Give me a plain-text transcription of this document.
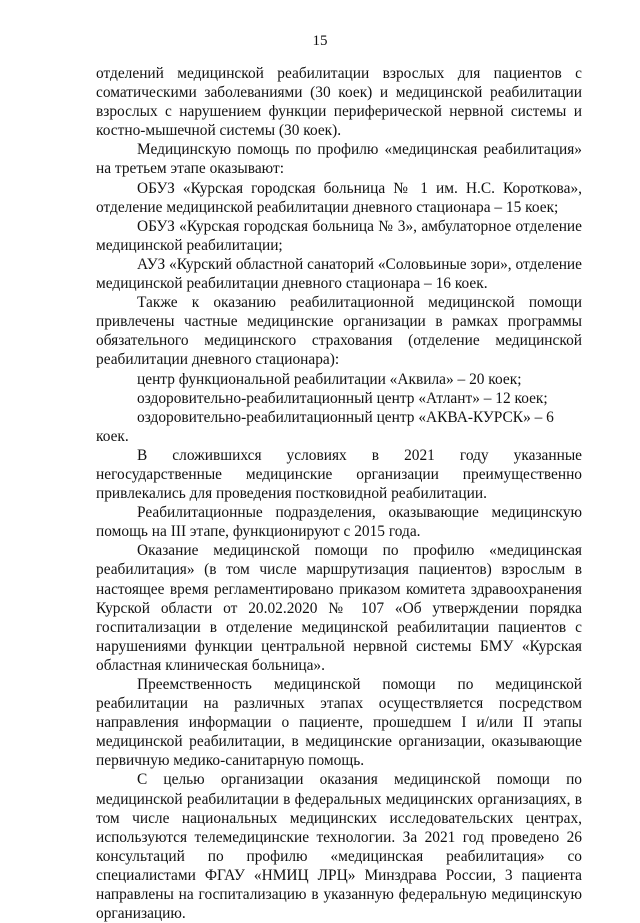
15

отделений медицинской реабилитации взрослых для пациентов с соматическими заболеваниями (30 коек) и медицинской реабилитации взрослых с нарушением функции периферической нервной системы и костно-мышечной системы (30 коек).

Медицинскую помощь по профилю «медицинская реабилитация» на третьем этапе оказывают:

ОБУЗ «Курская городская больница № 1 им. Н.С. Короткова», отделение медицинской реабилитации дневного стационара – 15 коек;

ОБУЗ «Курская городская больница № 3», амбулаторное отделение медицинской реабилитации;

АУЗ «Курский областной санаторий «Соловьиные зори», отделение медицинской реабилитации дневного стационара – 16 коек.

Также к оказанию реабилитационной медицинской помощи привлечены частные медицинские организации в рамках программы обязательного медицинского страхования (отделение медицинской реабилитации дневного стационара):

центр функциональной реабилитации «Аквила» – 20 коек;

оздоровительно-реабилитационный центр «Атлант» – 12 коек;

оздоровительно-реабилитационный центр «АКВА-КУРСК» – 6 коек.

В сложившихся условиях в 2021 году указанные негосударственные медицинские организации преимущественно привлекались для проведения постковидной реабилитации.

Реабилитационные подразделения, оказывающие медицинскую помощь на III этапе, функционируют с 2015 года.

Оказание медицинской помощи по профилю «медицинская реабилитация» (в том числе маршрутизация пациентов) взрослым в настоящее время регламентировано приказом комитета здравоохранения Курской области от 20.02.2020 № 107 «Об утверждении порядка госпитализации в отделение медицинской реабилитации пациентов с нарушениями функции центральной нервной системы БМУ «Курская областная клиническая больница».

Преемственность медицинской помощи по медицинской реабилитации на различных этапах осуществляется посредством направления информации о пациенте, прошедшем I и/или II этапы медицинской реабилитации, в медицинские организации, оказывающие первичную медико-санитарную помощь.

С целью организации оказания медицинской помощи по медицинской реабилитации в федеральных медицинских организациях, в том числе национальных медицинских исследовательских центрах, используются телемедицинские технологии. За 2021 год проведено 26 консультаций по профилю «медицинская реабилитация» со специалистами ФГАУ «НМИЦ ЛРЦ» Минздрава России, 3 пациента направлены на госпитализацию в указанную федеральную медицинскую организацию.
